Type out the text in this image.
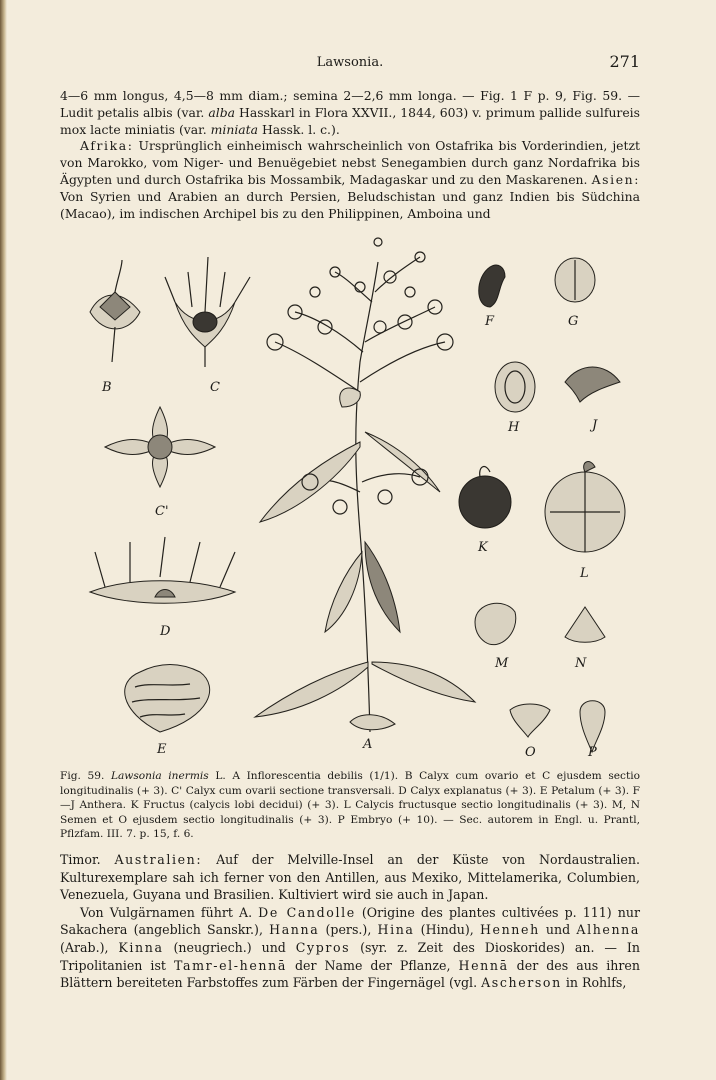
Lawsonia.	271

4—6 mm longus, 4,5—8 mm diam.; semina 2—2,6 mm longa. — Fig. 1 F p. 9, Fig. 59. — Ludit petalis albis (var. alba Hasskarl in Flora XXVII., 1844, 603) v. primum pallide sulfureis mox lacte miniatis (var. miniata Hassk. l. c.).

Afrika: Ursprünglich einheimisch wahrscheinlich von Ostafrika bis Vorderindien, jetzt von Marokko, vom Niger- und Benuëgebiet nebst Senegambien durch ganz Nordafrika bis Ägypten und durch Ostafrika bis Mossambik, Madagaskar und zu den Maskarenen. Asien: Von Syrien und Arabien an durch Persien, Beludschistan und ganz Indien bis Südchina (Macao), im indischen Archipel bis zu den Philippinen, Amboina und

A
B	C
C'
D
E
F	G
H	J
K
L
M	N
O	P
Fig. 59. Lawsonia inermis L. A Inflorescentia debilis (1/1). B Calyx cum ovario et C ejusdem sectio longitudinalis (+ 3). C' Calyx cum ovarii sectione transversali. D Calyx explanatus (+ 3). E Petalum (+ 3). F—J Anthera. K Fructus (calycis lobi decidui) (+ 3). L Calycis fructusque sectio longitudinalis (+ 3). M, N Semen et O ejusdem sectio longitudinalis (+ 3). P Embryo (+ 10). — Sec. autorem in Engl. u. Prantl, Pflzfam. III. 7. p. 15, f. 6.

Timor. Australien: Auf der Melville-Insel an der Küste von Nordaustralien. Kulturexemplare sah ich ferner von den Antillen, aus Mexiko, Mittelamerika, Columbien, Venezuela, Guyana und Brasilien. Kultiviert wird sie auch in Japan.

Von Vulgärnamen führt A. De Candolle (Origine des plantes cultivées p. 111) nur Sakachera (angeblich Sanskr.), Hanna (pers.), Hina (Hindu), Henneh und Alhenna (Arab.), Kinna (neugriech.) und Cypros (syr. z. Zeit des Dioskorides) an. — In Tripolitanien ist Tamr-el-hennā der Name der Pflanze, Hennā der des aus ihren Blättern bereiteten Farbstoffes zum Färben der Fingernägel (vgl. Ascherson in Rohlfs,
